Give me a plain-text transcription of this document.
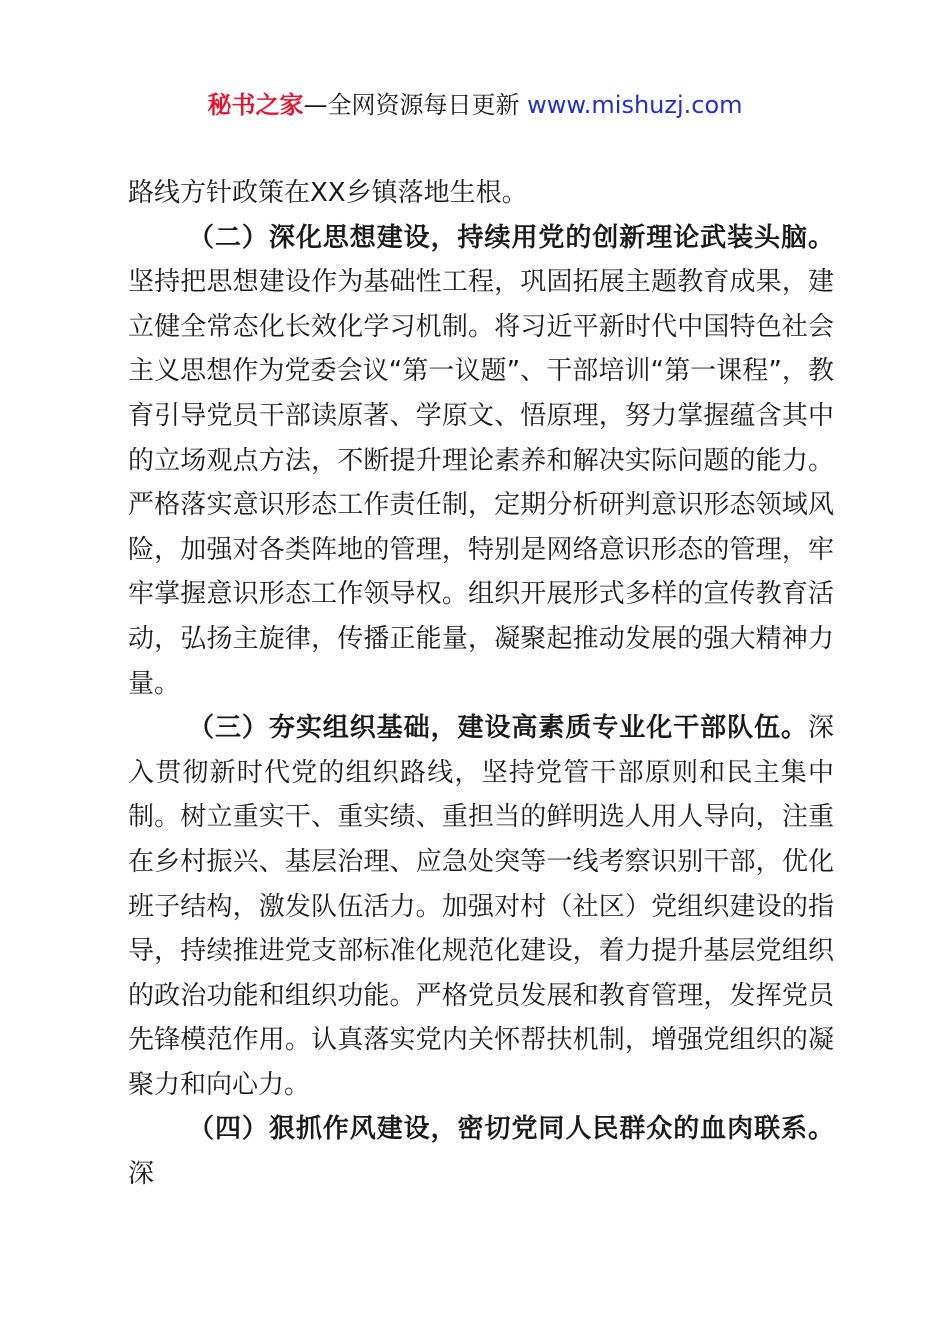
秘书之家—全网资源每日更新 www.mishuzj.com

路线方针政策在XX乡镇落地生根。

（二）深化思想建设，持续用党的创新理论武装头脑。坚持把思想建设作为基础性工程，巩固拓展主题教育成果，建立健全常态化长效化学习机制。将习近平新时代中国特色社会主义思想作为党委会议“第一议题”、干部培训“第一课程”，教育引导党员干部读原著、学原文、悟原理，努力掌握蕴含其中的立场观点方法，不断提升理论素养和解决实际问题的能力。严格落实意识形态工作责任制，定期分析研判意识形态领域风险，加强对各类阵地的管理，特别是网络意识形态的管理，牢牢掌握意识形态工作领导权。组织开展形式多样的宣传教育活动，弘扬主旋律，传播正能量，凝聚起推动发展的强大精神力量。

（三）夯实组织基础，建设高素质专业化干部队伍。深入贯彻新时代党的组织路线，坚持党管干部原则和民主集中制。树立重实干、重实绩、重担当的鲜明选人用人导向，注重在乡村振兴、基层治理、应急处突等一线考察识别干部，优化班子结构，激发队伍活力。加强对村（社区）党组织建设的指导，持续推进党支部标准化规范化建设，着力提升基层党组织的政治功能和组织功能。严格党员发展和教育管理，发挥党员先锋模范作用。认真落实党内关怀帮扶机制，增强党组织的凝聚力和向心力。

（四）狠抓作风建设，密切党同人民群众的血肉联系。深
